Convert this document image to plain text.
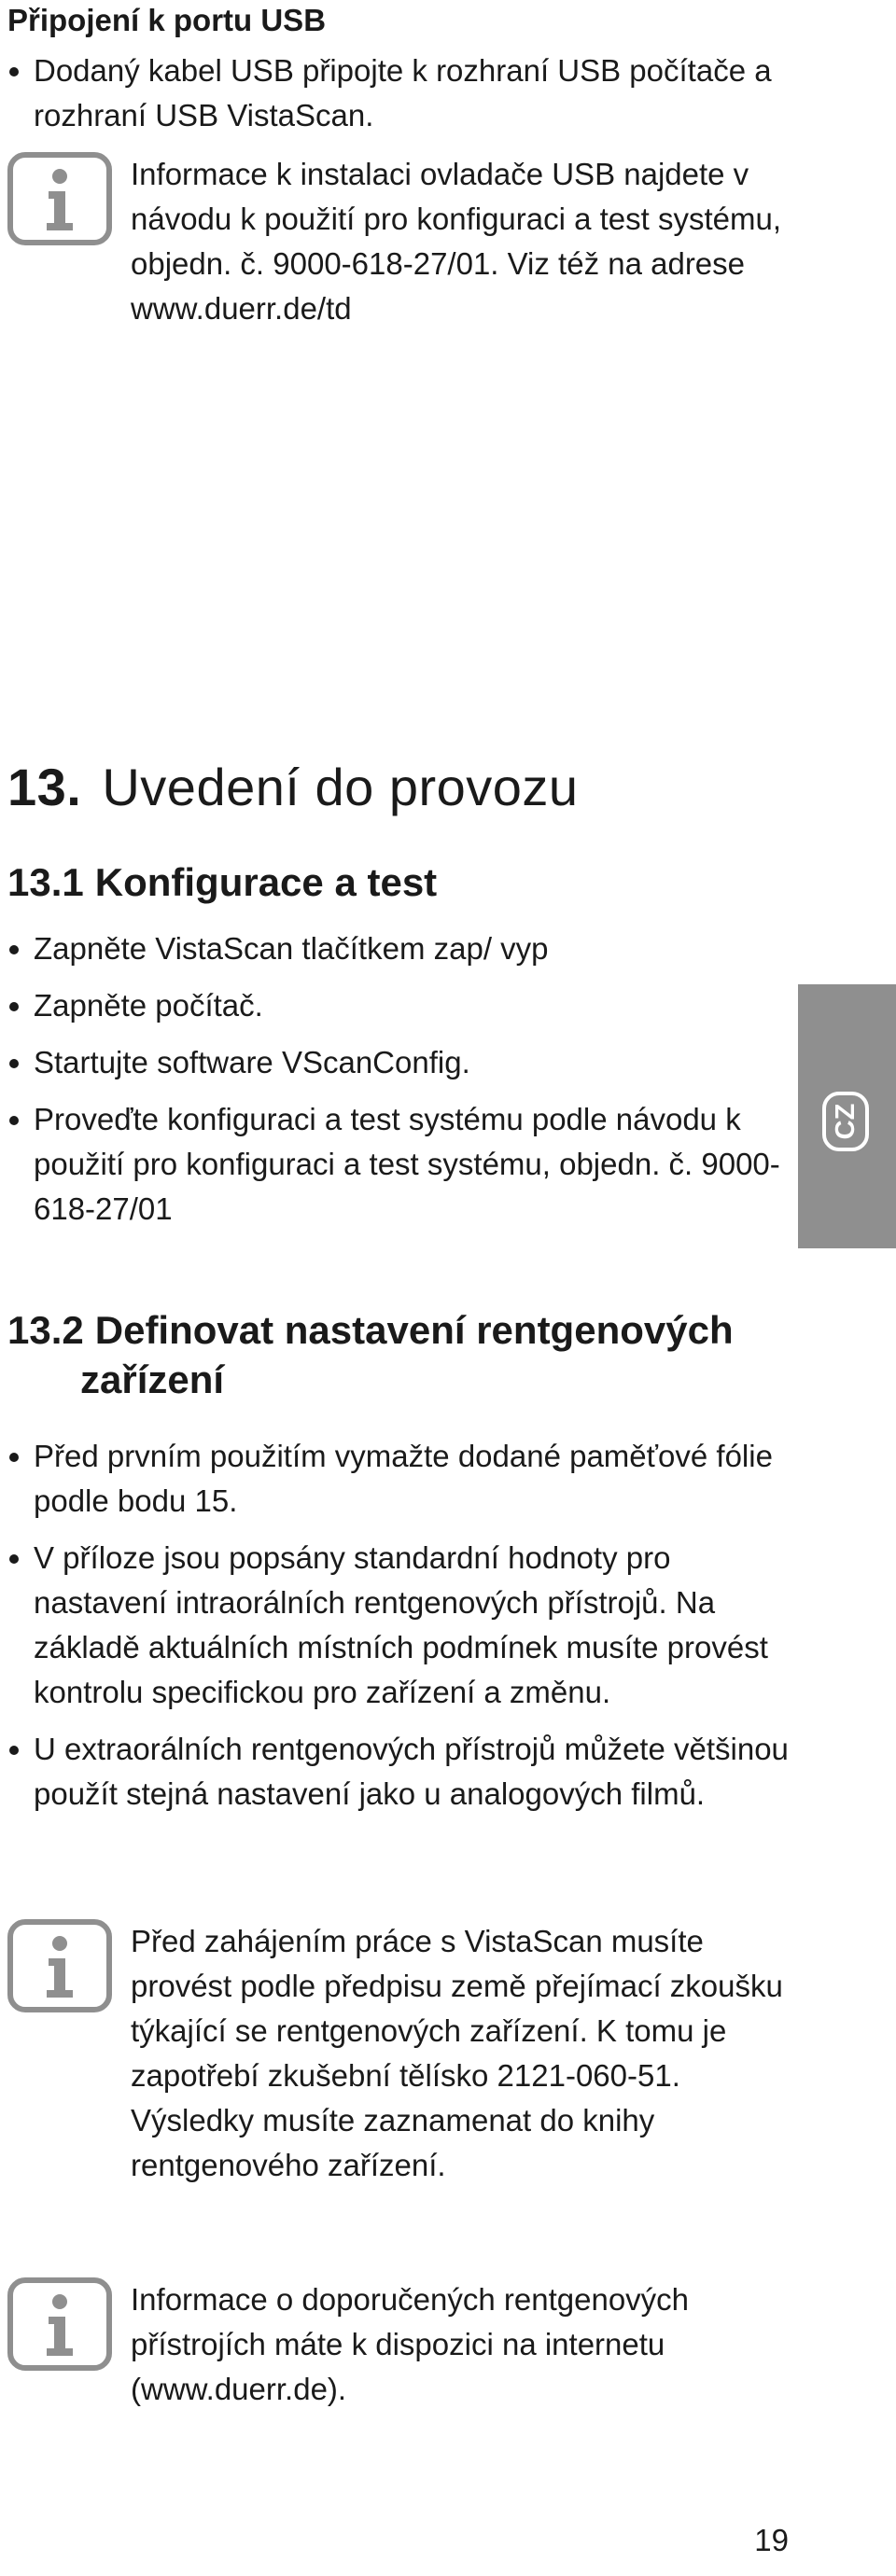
Připojení k portu USB
Dodaný kabel USB připojte k rozhraní USB počítače a rozhraní USB VistaScan.
Informace k instalaci ovladače USB najdete v návodu k použití pro konfiguraci a test systému, objedn. č. 9000-618-27/01. Viz též na adrese www.duerr.de/td
13. Uvedení do provozu
13.1 Konfigurace a test
Zapněte VistaScan tlačítkem zap/ vyp
Zapněte počítač.
Startujte software VScanConfig.
Proveďte konfiguraci a test systému podle návodu k použití pro konfiguraci a test systému, objedn. č. 9000-618-27/01
13.2 Definovat nastavení rentgenových
zařízení
Před prvním použitím vymažte dodané paměťové fólie podle bodu 15.
V příloze jsou popsány standardní hodnoty pro nastavení intraorálních rentgenových přístrojů. Na základě aktuálních místních podmínek musíte provést kontrolu specifickou pro zařízení a změnu.
U extraorálních rentgenových přístrojů můžete většinou použít stejná nastavení jako u analogových filmů.
Před zahájením práce s VistaScan musíte provést podle předpisu země přejímací zkoušku týkající se rentgenových zařízení. K tomu je zapotřebí zkušební tělísko 2121-060-51. Výsledky musíte zaznamenat do knihy rentgenového zařízení.
Informace o doporučených rentgenových přístrojích máte k dispozici na internetu (www.duerr.de).
CZ

19
